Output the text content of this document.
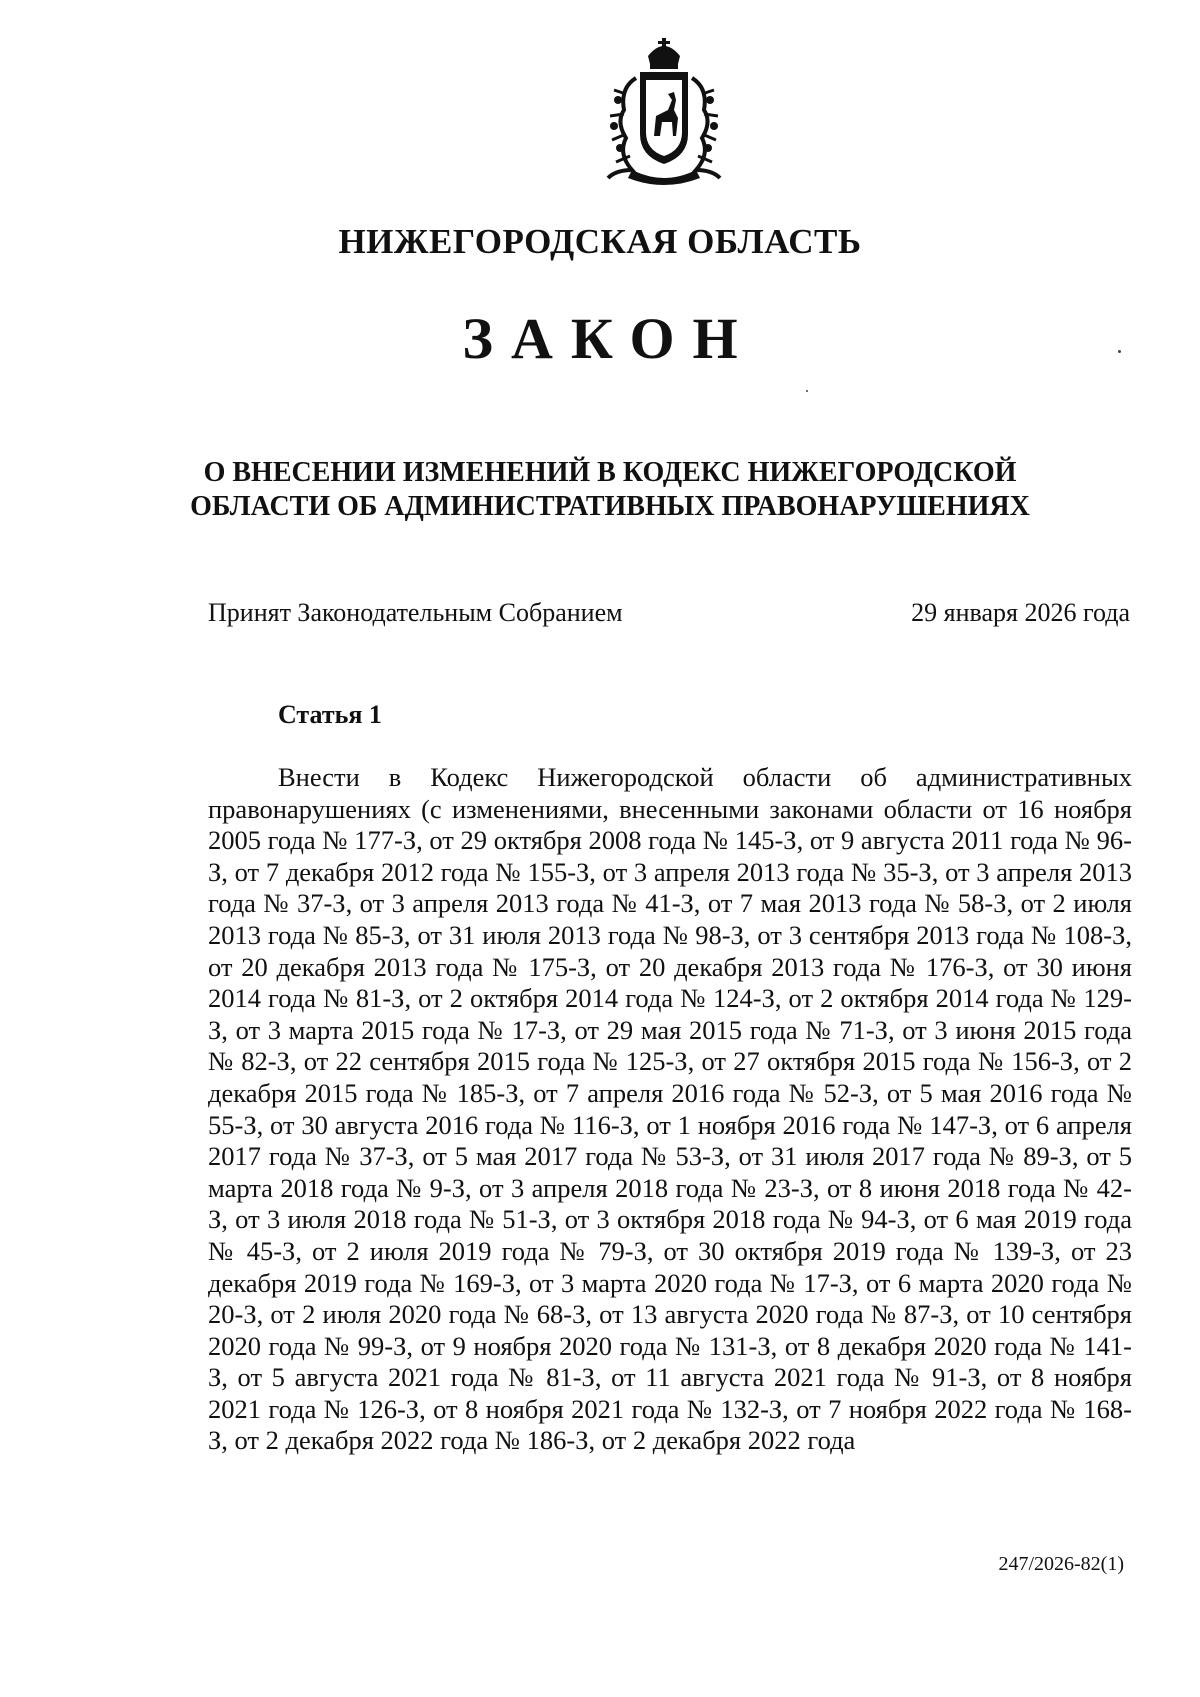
НИЖЕГОРОДСКАЯ ОБЛАСТЬ
ЗАКОН
О ВНЕСЕНИИ ИЗМЕНЕНИЙ В КОДЕКС НИЖЕГОРОДСКОЙ ОБЛАСТИ ОБ АДМИНИСТРАТИВНЫХ ПРАВОНАРУШЕНИЯХ
Принят Законодательным Собранием	29 января 2026 года
Статья 1

Внести в Кодекс Нижегородской области об административных правонарушениях (с изменениями, внесенными законами области от 16 ноября 2005 года № 177-З, от 29 октября 2008 года № 145-З, от 9 августа 2011 года № 96-З, от 7 декабря 2012 года № 155-З, от 3 апреля 2013 года № 35-З, от 3 апреля 2013 года № 37-З, от 3 апреля 2013 года № 41-З, от 7 мая 2013 года № 58-З, от 2 июля 2013 года № 85-З, от 31 июля 2013 года № 98-З, от 3 сентября 2013 года № 108-З, от 20 декабря 2013 года № 175-З, от 20 декабря 2013 года № 176-З, от 30 июня 2014 года № 81-З, от 2 октября 2014 года № 124-З, от 2 октября 2014 года № 129-З, от 3 марта 2015 года № 17-З, от 29 мая 2015 года № 71-З, от 3 июня 2015 года № 82-З, от 22 сентября 2015 года № 125-З, от 27 октября 2015 года № 156-З, от 2 декабря 2015 года № 185-З, от 7 апреля 2016 года № 52-З, от 5 мая 2016 года № 55-З, от 30 августа 2016 года № 116-З, от 1 ноября 2016 года № 147-З, от 6 апреля 2017 года № 37-З, от 5 мая 2017 года № 53-З, от 31 июля 2017 года № 89-З, от 5 марта 2018 года № 9-З, от 3 апреля 2018 года № 23-З, от 8 июня 2018 года № 42-З, от 3 июля 2018 года № 51-З, от 3 октября 2018 года № 94-З, от 6 мая 2019 года № 45-З, от 2 июля 2019 года № 79-З, от 30 октября 2019 года № 139-З, от 23 декабря 2019 года № 169-З, от 3 марта 2020 года № 17-З, от 6 марта 2020 года № 20-З, от 2 июля 2020 года № 68-З, от 13 августа 2020 года № 87-З, от 10 сентября 2020 года № 99-З, от 9 ноября 2020 года № 131-З, от 8 декабря 2020 года № 141-З, от 5 августа 2021 года № 81-З, от 11 августа 2021 года № 91-З, от 8 ноября 2021 года № 126-З, от 8 ноября 2021 года № 132-З, от 7 ноября 2022 года № 168-З, от 2 декабря 2022 года № 186-З, от 2 декабря 2022 года

247/2026-82(1)
